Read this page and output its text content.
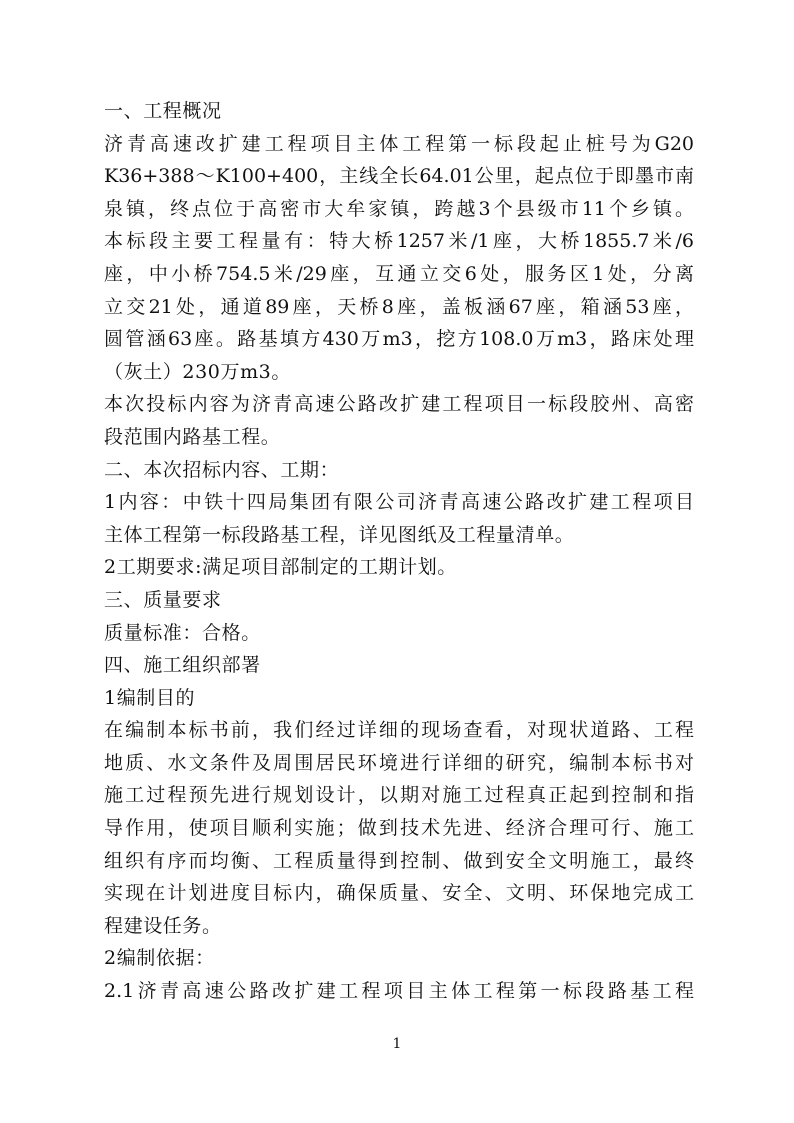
一、工程概况
济青高速改扩建工程项目主体工程第一标段起止桩号为G20
K36+388～K100+400，主线全长64.01公里，起点位于即墨市南
泉镇，终点位于高密市大牟家镇，跨越3个县级市11个乡镇。
本标段主要工程量有：特大桥1257米/1座，大桥1855.7米/6
座，中小桥754.5米/29座，互通立交6处，服务区1处，分离
立交21处，通道89座，天桥8座，盖板涵67座，箱涵53座，
圆管涵63座。路基填方430万m3，挖方108.0万m3，路床处理
（灰土）230万m3。
本次投标内容为济青高速公路改扩建工程项目一标段胶州、高密
段范围内路基工程。
二、本次招标内容、工期：
1内容：中铁十四局集团有限公司济青高速公路改扩建工程项目
主体工程第一标段路基工程，详见图纸及工程量清单。
2工期要求:满足项目部制定的工期计划。
三、质量要求
质量标准：合格。
四、施工组织部署
1编制目的
在编制本标书前，我们经过详细的现场查看，对现状道路、工程
地质、水文条件及周围居民环境进行详细的研究，编制本标书对
施工过程预先进行规划设计，以期对施工过程真正起到控制和指
导作用，使项目顺利实施；做到技术先进、经济合理可行、施工
组织有序而均衡、工程质量得到控制、做到安全文明施工，最终
实现在计划进度目标内，确保质量、安全、文明、环保地完成工
程建设任务。
2编制依据：
2.1济青高速公路改扩建工程项目主体工程第一标段路基工程
1
